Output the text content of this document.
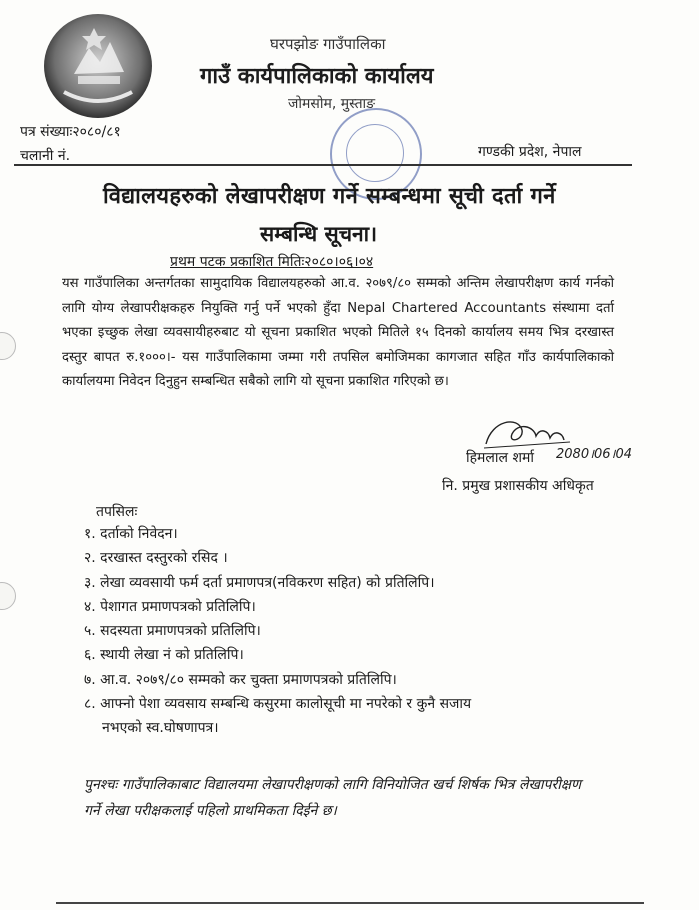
घरपझोङ गाउँपालिका
गाउँ कार्यपालिकाको कार्यालय
जोमसोम, मुस्ताङ
पत्र संख्याः२०८०/८१
चलानी नं.	गण्डकी प्रदेश, नेपाल
विद्यालयहरुको लेखापरीक्षण गर्ने सम्बन्धमा सूची दर्ता गर्ने
सम्बन्धि सूचना।
प्रथम पटक प्रकाशित मितिः२०८०।०६।०४
यस गाउँपालिका अन्तर्गतका सामुदायिक विद्यालयहरुको आ.व. २०७९/८० सम्मको अन्तिम लेखापरीक्षण कार्य गर्नको लागि योग्य लेखापरीक्षकहरु नियुक्ति गर्नु पर्ने भएको हुँदा Nepal Chartered Accountants संस्थामा दर्ता भएका इच्छुक लेखा व्यवसायीहरुबाट यो सूचना प्रकाशित भएको मितिले १५ दिनको कार्यालय समय भित्र दरखास्त दस्तुर बापत रु.१०००।- यस गाउँपालिकामा जम्मा गरी तपसिल बमोजिमका कागजात सहित गाँउ कार्यपालिकाको कार्यालयमा निवेदन दिनुहुन सम्बन्धित सबैको लागि यो सूचना प्रकाशित गरिएको छ।
हिमलाल शर्मा 2080।06।04
नि. प्रमुख प्रशासकीय अधिकृत
तपसिलः
१. दर्ताको निवेदन।
२. दरखास्त दस्तुरको रसिद ।
३. लेखा व्यवसायी फर्म दर्ता प्रमाणपत्र(नविकरण सहित) को प्रतिलिपि।
४. पेशागत प्रमाणपत्रको प्रतिलिपि।
५. सदस्यता प्रमाणपत्रको प्रतिलिपि।
६. स्थायी लेखा नं को प्रतिलिपि।
७. आ.व. २०७९/८० सम्मको कर चुक्ता प्रमाणपत्रको प्रतिलिपि।
८. आफ्नो पेशा व्यवसाय सम्बन्धि कसुरमा कालोसूची मा नपरेको र कुनै सजाय
नभएको स्व.घोषणापत्र।
पुनश्चः गाउँपालिकाबाट विद्यालयमा लेखापरीक्षणको लागि विनियोजित खर्च शिर्षक भित्र लेखापरीक्षण गर्ने लेखा परीक्षकलाई पहिलो प्राथमिकता दिईने छ।
